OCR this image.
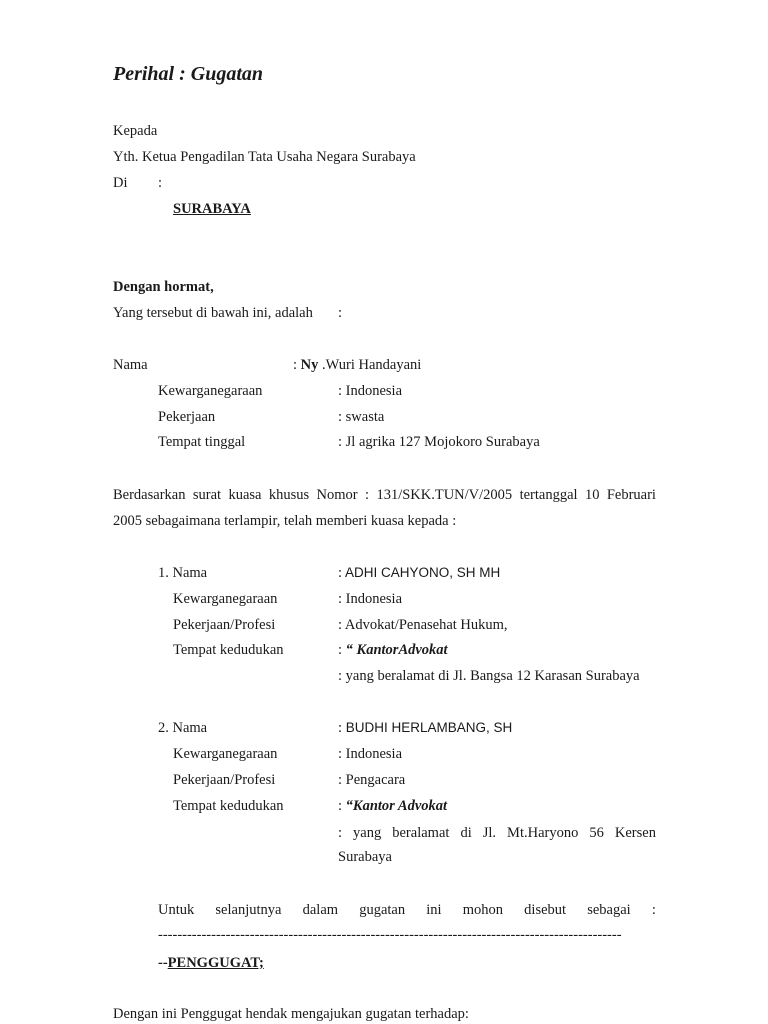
Perihal : Gugatan
Kepada
Yth. Ketua Pengadilan Tata Usaha Negara Surabaya
Di :
SURABAYA
Dengan hormat,
Yang tersebut di bawah ini, adalah :
Nama	: Ny .Wuri Handayani
Kewarganegaraan	: Indonesia
Pekerjaan	: swasta
Tempat tinggal	: Jl agrika 127 Mojokoro Surabaya
Berdasarkan surat kuasa khusus Nomor : 131/SKK.TUN/V/2005 tertanggal 10 Februari
2005 sebagaimana terlampir, telah memberi kuasa kepada :
1. Nama	: ADHI CAHYONO, SH MH
Kewarganegaraan	: Indonesia
Pekerjaan/Profesi	: Advokat/Penasehat Hukum,
Tempat kedudukan	: “ KantorAdvokat
: yang beralamat di Jl. Bangsa 12 Karasan Surabaya
2. Nama	: BUDHI HERLAMBANG, SH
Kewarganegaraan	: Indonesia
Pekerjaan/Profesi	: Pengacara
Tempat kedudukan	: “Kantor Advokat
: yang beralamat di Jl. Mt.Haryono 56 Kersen
Surabaya
Untuk selanjutnya dalam gugatan ini mohon disebut sebagai :
------------------------------------------------------------------------------------------------
--PENGGUGAT;
Dengan ini Penggugat hendak mengajukan gugatan terhadap:
